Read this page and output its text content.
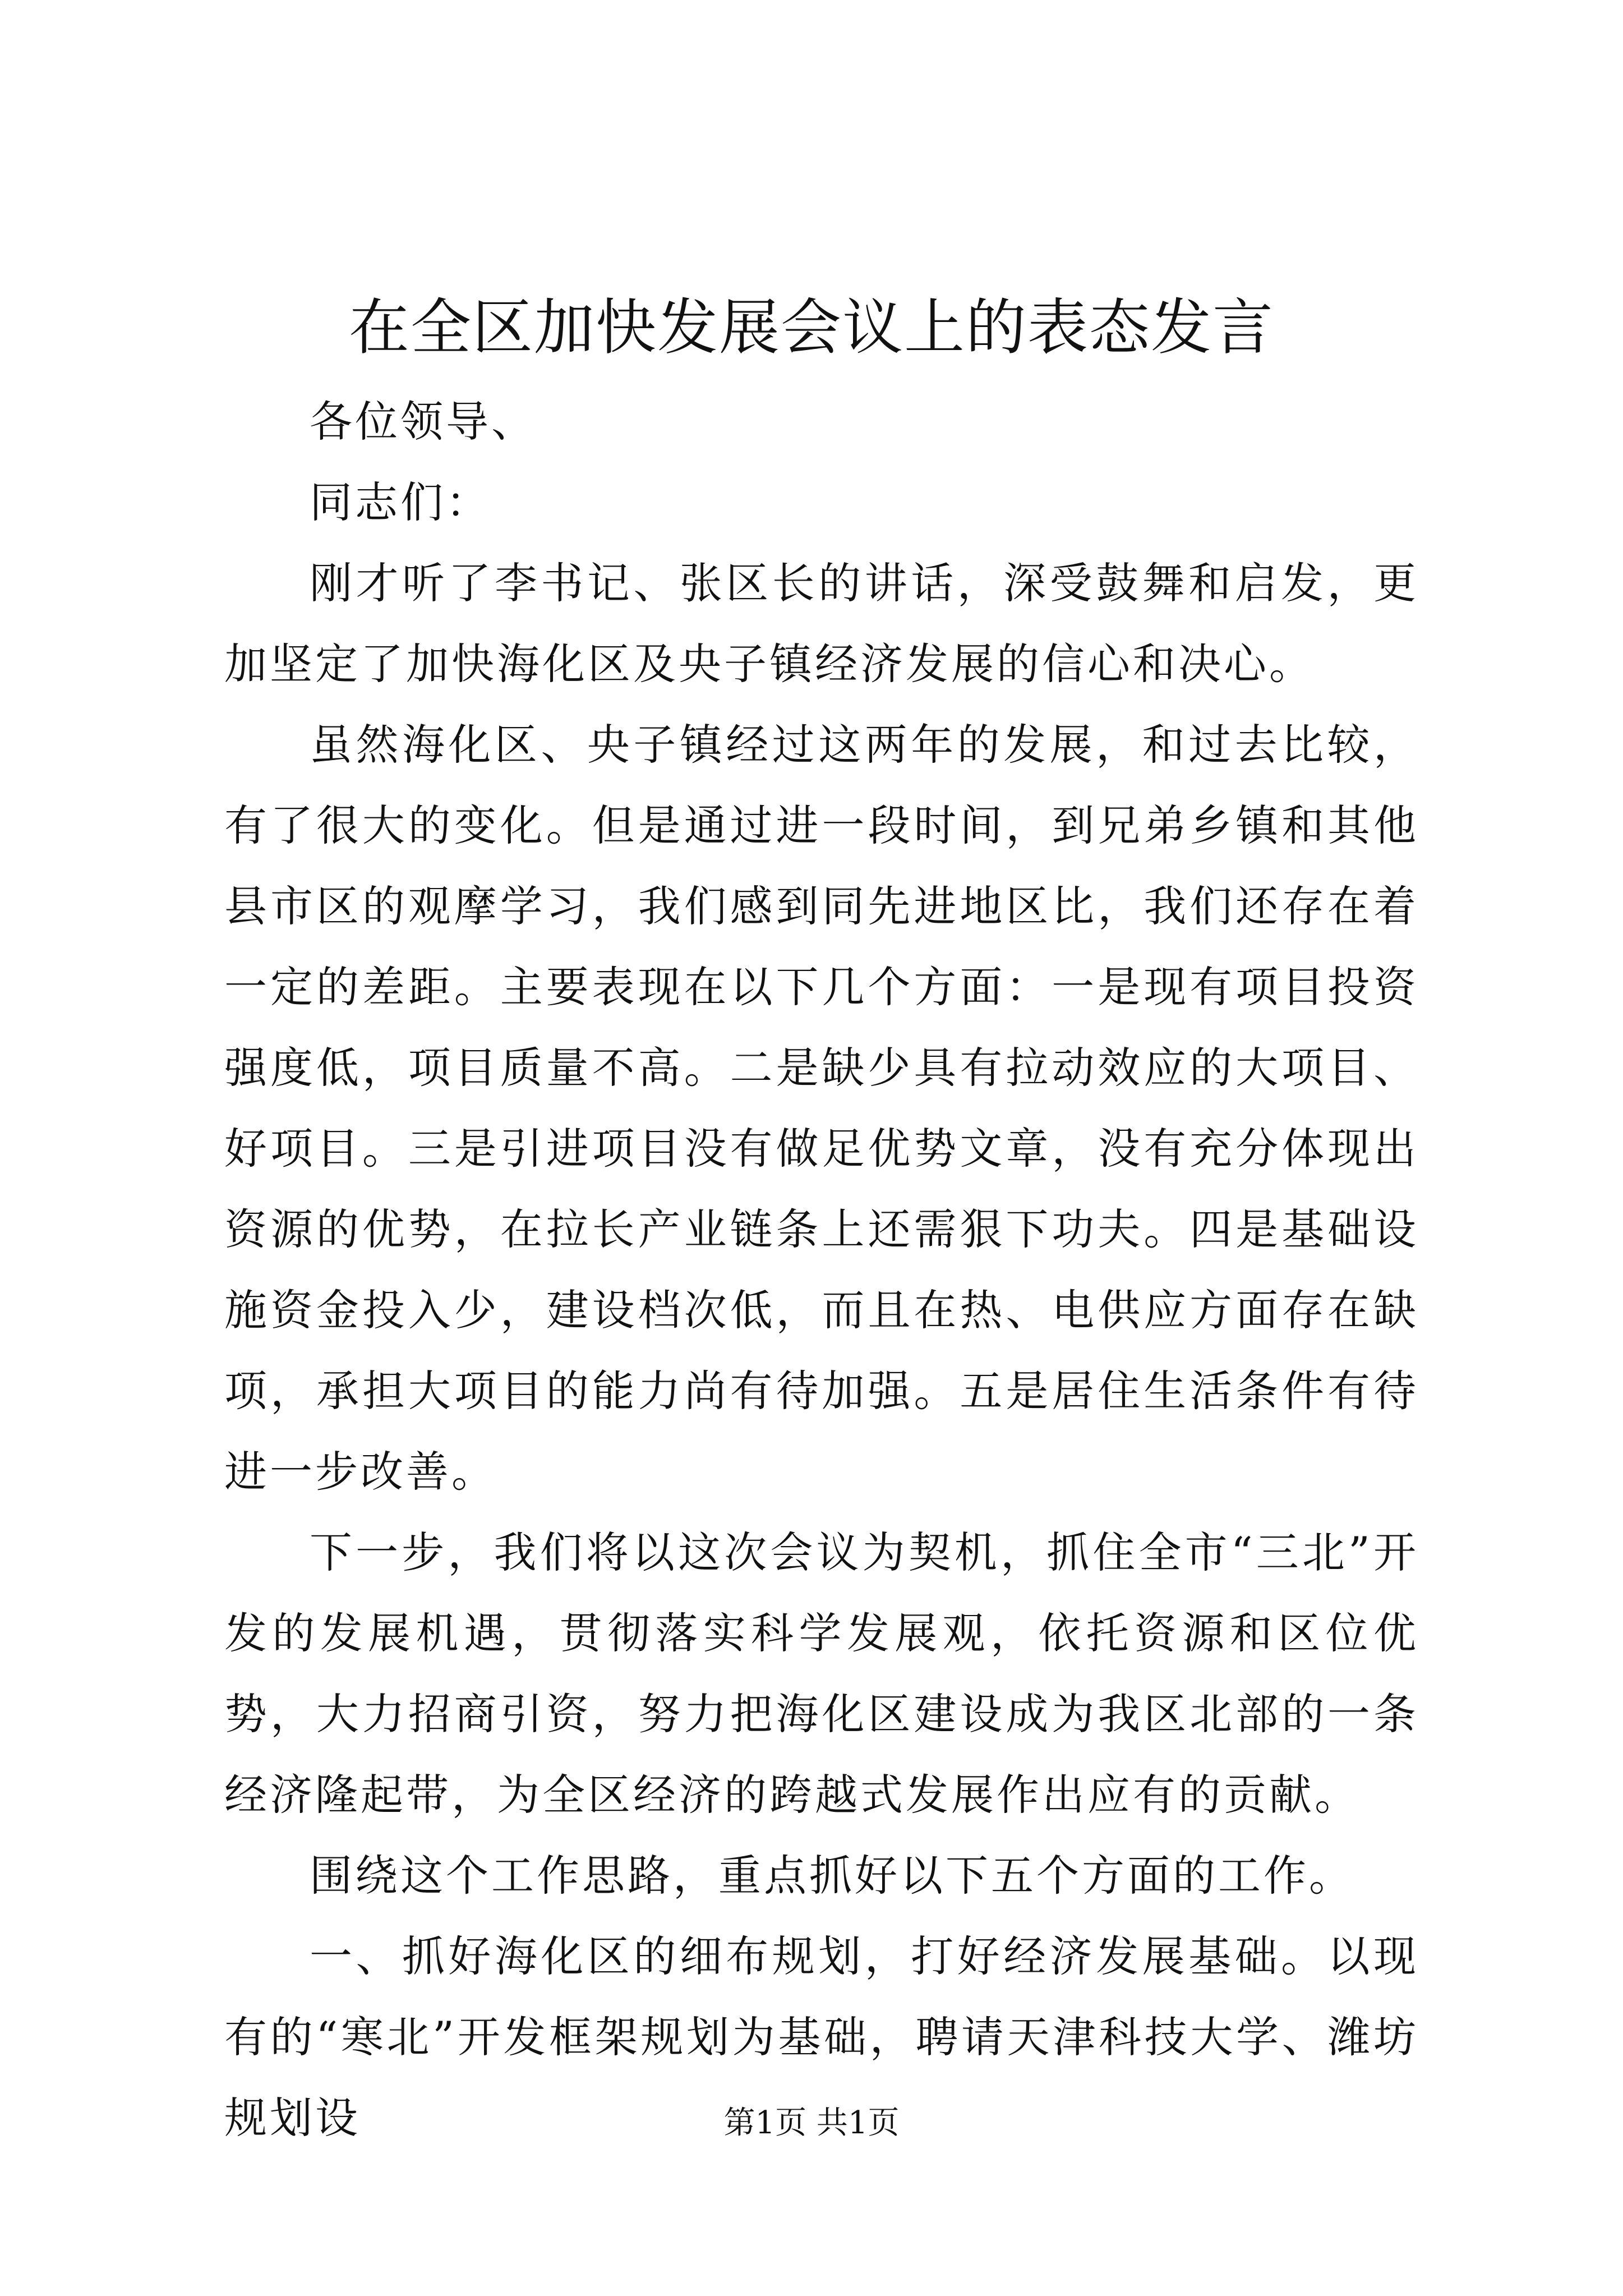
在全区加快发展会议上的表态发言

各位领导、

同志们：

刚才听了李书记、张区长的讲话，深受鼓舞和启发，更加坚定了加快海化区及央子镇经济发展的信心和决心。

虽然海化区、央子镇经过这两年的发展，和过去比较，有了很大的变化。但是通过进一段时间，到兄弟乡镇和其他县市区的观摩学习，我们感到同先进地区比，我们还存在着一定的差距。主要表现在以下几个方面：一是现有项目投资强度低，项目质量不高。二是缺少具有拉动效应的大项目、好项目。三是引进项目没有做足优势文章，没有充分体现出资源的优势，在拉长产业链条上还需狠下功夫。四是基础设施资金投入少，建设档次低，而且在热、电供应方面存在缺项，承担大项目的能力尚有待加强。五是居住生活条件有待进一步改善。

下一步，我们将以这次会议为契机，抓住全市“三北”开发的发展机遇，贯彻落实科学发展观，依托资源和区位优势，大力招商引资，努力把海化区建设成为我区北部的一条经济隆起带，为全区经济的跨越式发展作出应有的贡献。

围绕这个工作思路，重点抓好以下五个方面的工作。

一、抓好海化区的细布规划，打好经济发展基础。以现有的“寒北”开发框架规划为基础，聘请天津科技大学、潍坊规划设	第1页 共1页
